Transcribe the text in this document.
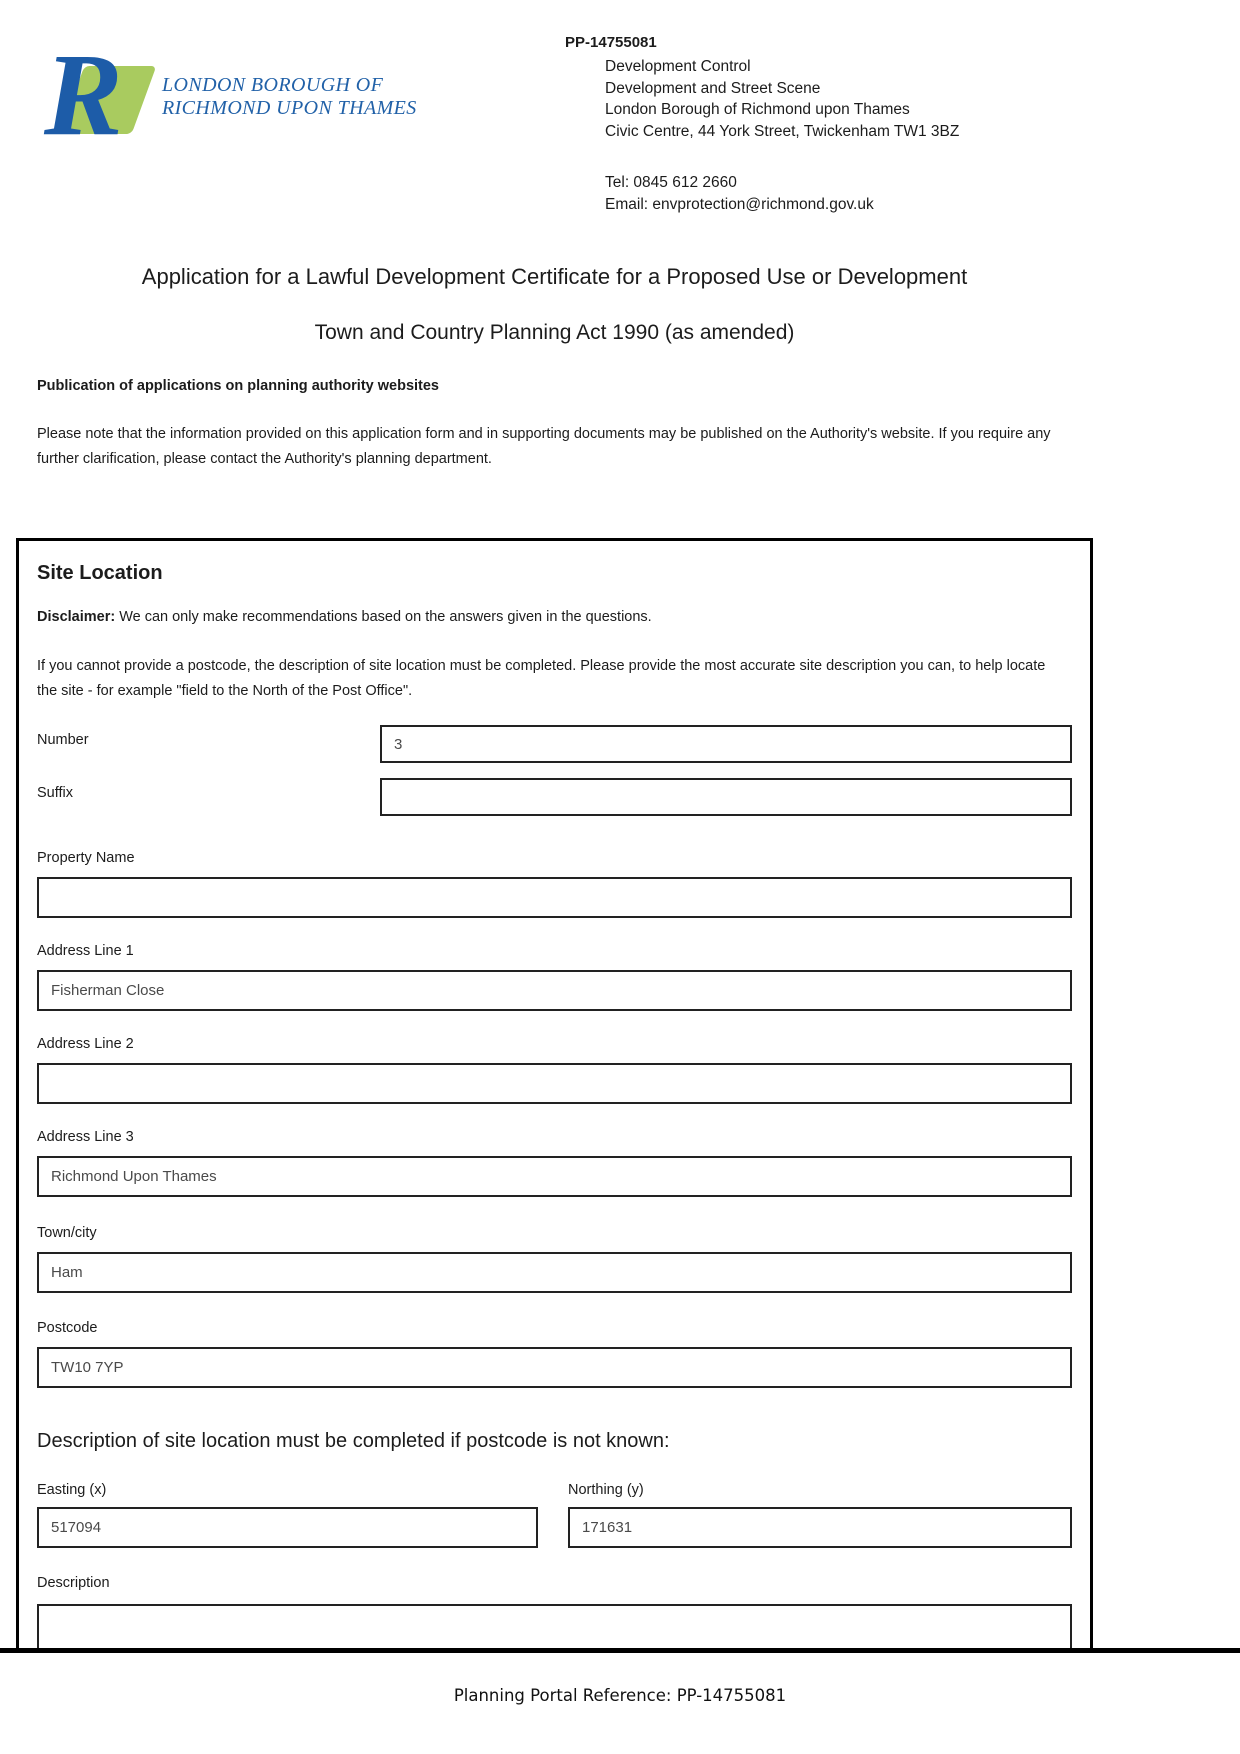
R LONDON BOROUGH OF
RICHMOND UPON THAMES
PP-14755081
Development Control
Development and Street Scene
London Borough of Richmond upon Thames
Civic Centre, 44 York Street, Twickenham TW1 3BZ
Tel: 0845 612 2660
Email: envprotection@richmond.gov.uk
Application for a Lawful Development Certificate for a Proposed Use or Development
Town and Country Planning Act 1990 (as amended)
Publication of applications on planning authority websites

Please note that the information provided on this application form and in supporting documents may be published on the Authority's website. If you require any further clarification, please contact the Authority's planning department.

Site Location
Disclaimer: We can only make recommendations based on the answers given in the questions.

If you cannot provide a postcode, the description of site location must be completed. Please provide the most accurate site description you can, to help locate the site - for example "field to the North of the Post Office".

Number
3
Suffix
Property Name
Address Line 1
Fisherman Close
Address Line 2
Address Line 3
Richmond Upon Thames
Town/city
Ham
Postcode
TW10 7YP
Description of site location must be completed if postcode is not known:
Easting (x)
517094	Northing (y)
171631
Description
Planning Portal Reference: PP-14755081
